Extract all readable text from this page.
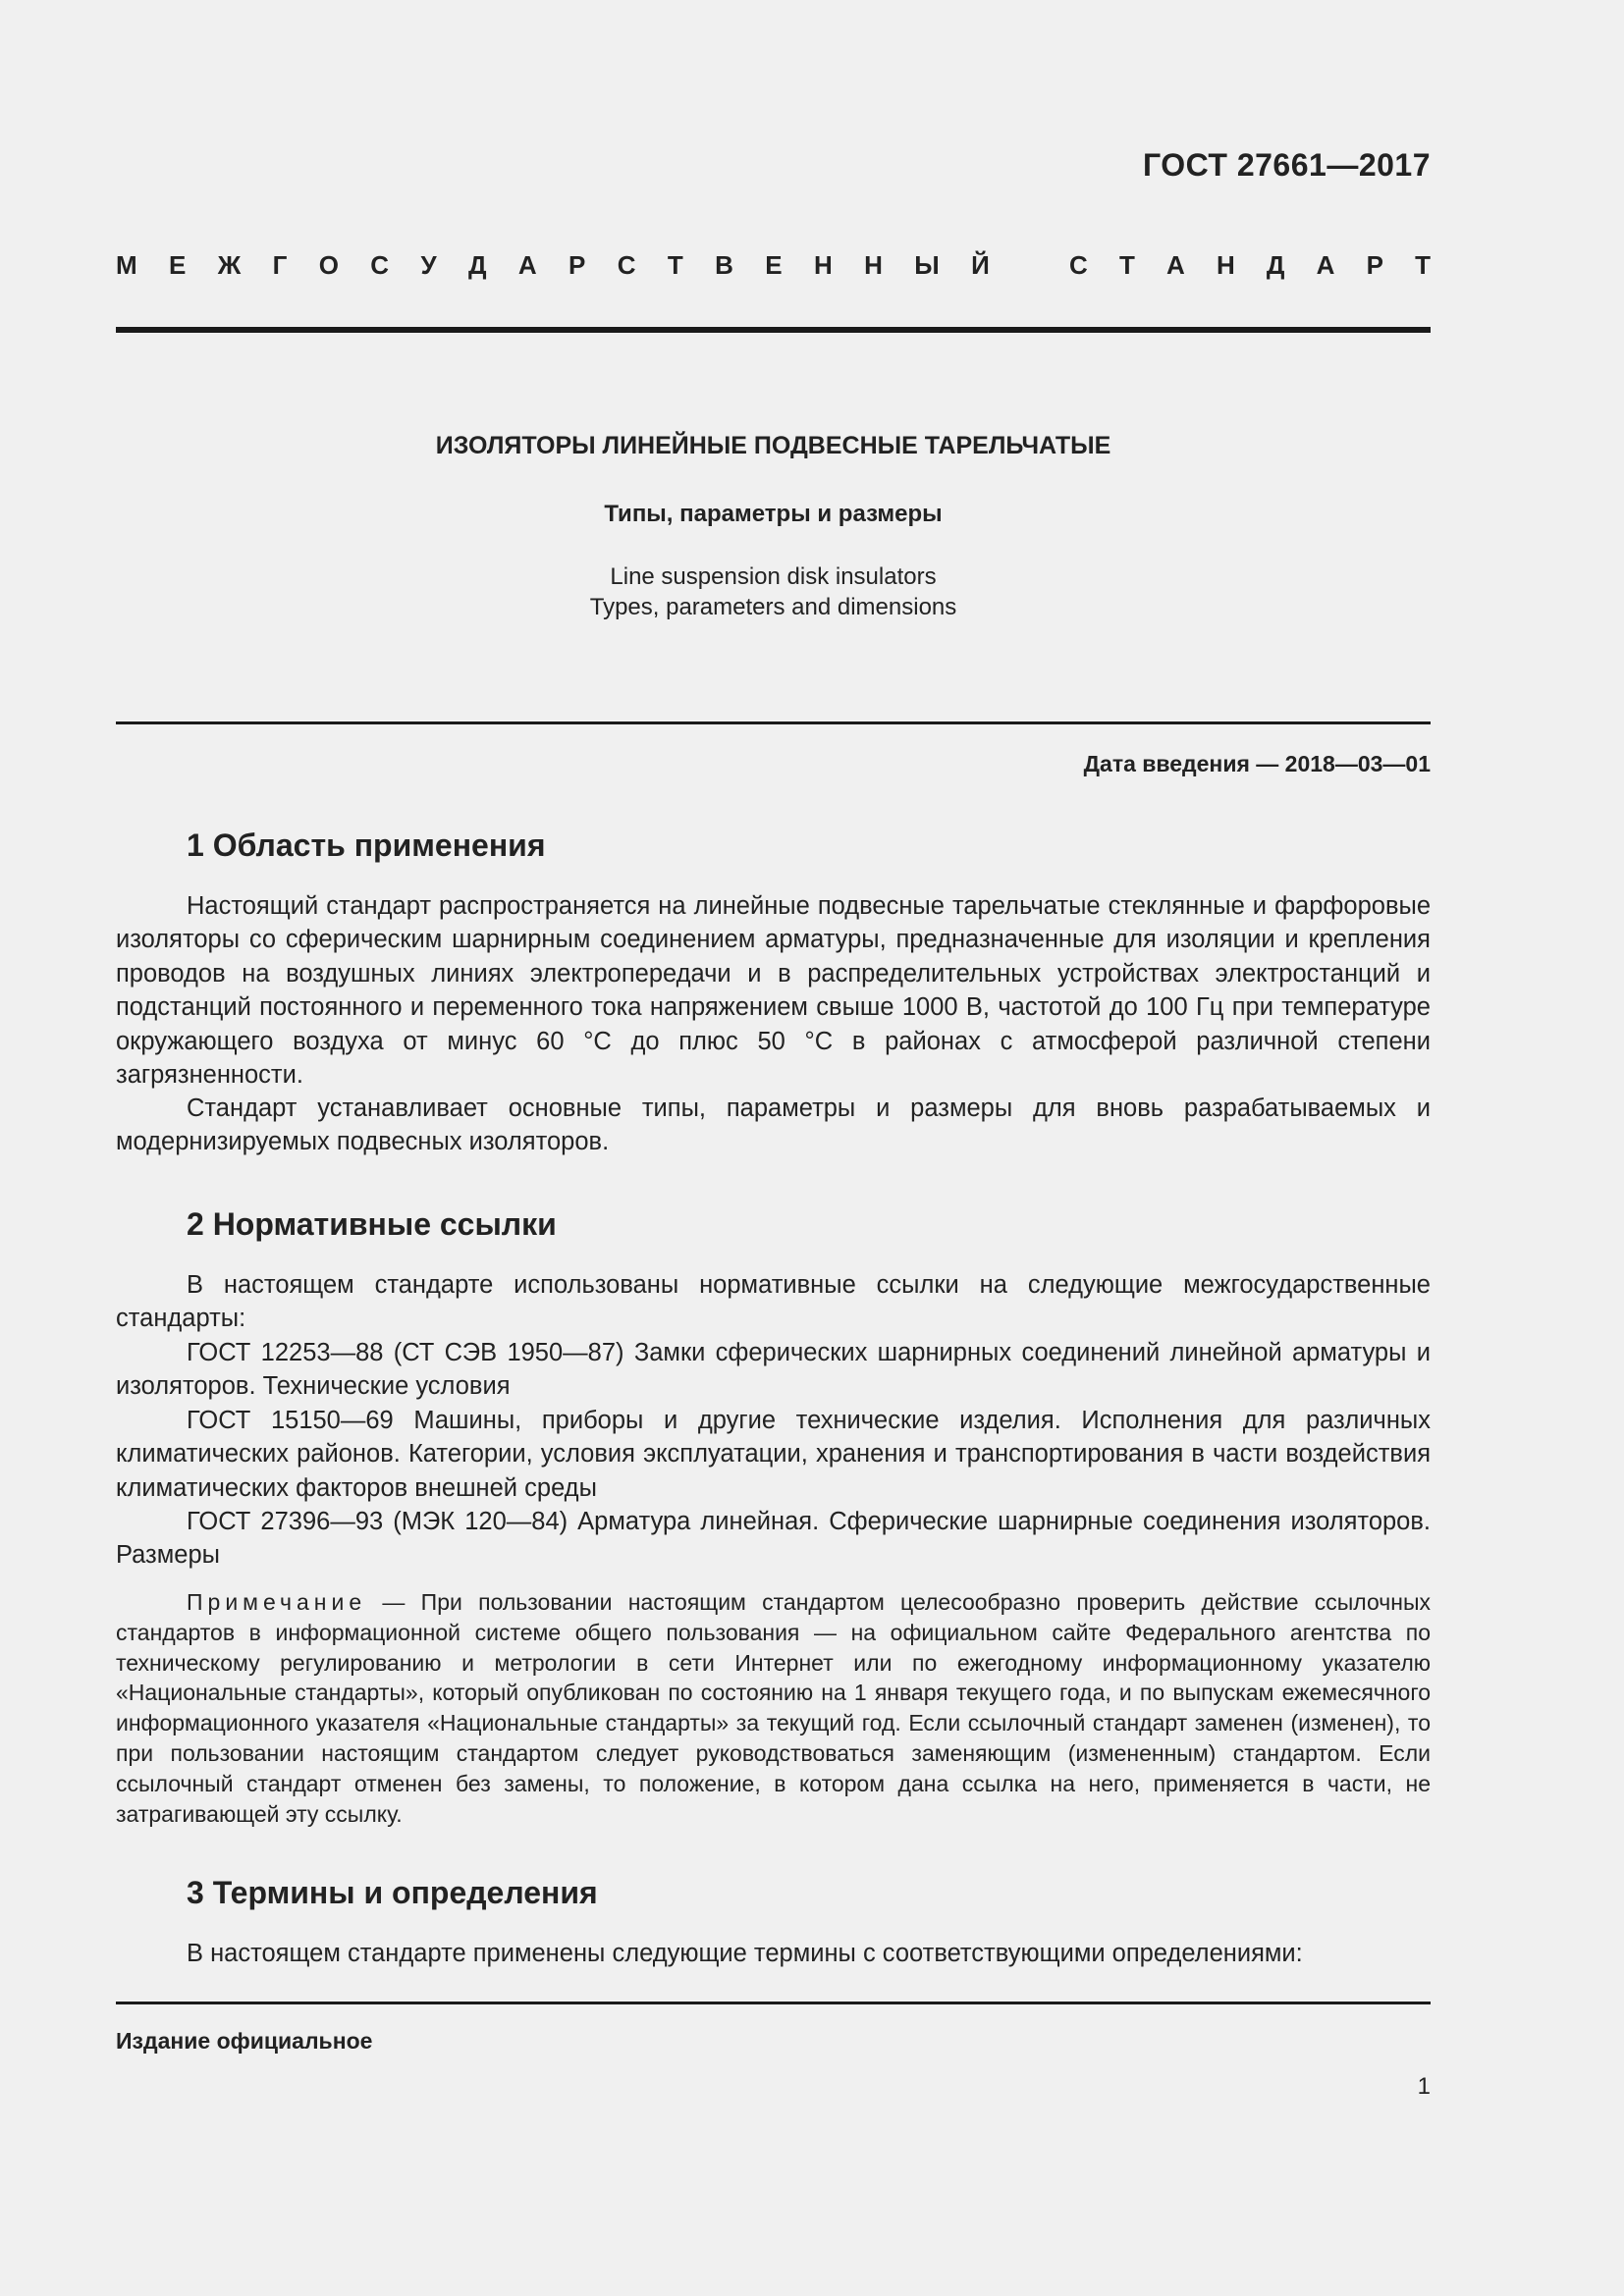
ГОСТ 27661—2017
М Е Ж Г О С У Д А Р С Т В Е Н Н Ы Й	С Т А Н Д А Р Т
ИЗОЛЯТОРЫ ЛИНЕЙНЫЕ ПОДВЕСНЫЕ ТАРЕЛЬЧАТЫЕ
Типы, параметры и размеры
Line suspension disk insulators
Types, parameters and dimensions
Дата введения — 2018—03—01
1 Область применения

Настоящий стандарт распространяется на линейные подвесные тарельчатые стеклянные и фарфоровые изоляторы со сферическим шарнирным соединением арматуры, предназначенные для изоляции и крепления проводов на воздушных линиях электропередачи и в распределительных устройствах электростанций и подстанций постоянного и переменного тока напряжением свыше 1000 В, частотой до 100 Гц при температуре окружающего воздуха от минус 60 °С до плюс 50 °С в районах с атмосферой различной степени загрязненности.

Стандарт устанавливает основные типы, параметры и размеры для вновь разрабатываемых и модернизируемых подвесных изоляторов.

2 Нормативные ссылки

В настоящем стандарте использованы нормативные ссылки на следующие межгосударственные стандарты:

ГОСТ 12253—88 (СТ СЭВ 1950—87) Замки сферических шарнирных соединений линейной арматуры и изоляторов. Технические условия

ГОСТ 15150—69 Машины, приборы и другие технические изделия. Исполнения для различных климатических районов. Категории, условия эксплуатации, хранения и транспортирования в части воздействия климатических факторов внешней среды

ГОСТ 27396—93 (МЭК 120—84) Арматура линейная. Сферические шарнирные соединения изоляторов. Размеры

Примечание — При пользовании настоящим стандартом целесообразно проверить действие ссылочных стандартов в информационной системе общего пользования — на официальном сайте Федерального агентства по техническому регулированию и метрологии в сети Интернет или по ежегодному информационному указателю «Национальные стандарты», который опубликован по состоянию на 1 января текущего года, и по выпускам ежемесячного информационного указателя «Национальные стандарты» за текущий год. Если ссылочный стандарт заменен (изменен), то при пользовании настоящим стандартом следует руководствоваться заменяющим (измененным) стандартом. Если ссылочный стандарт отменен без замены, то положение, в котором дана ссылка на него, применяется в части, не затрагивающей эту ссылку.

3 Термины и определения

В настоящем стандарте применены следующие термины с соответствующими определениями:

Издание официальное
1
